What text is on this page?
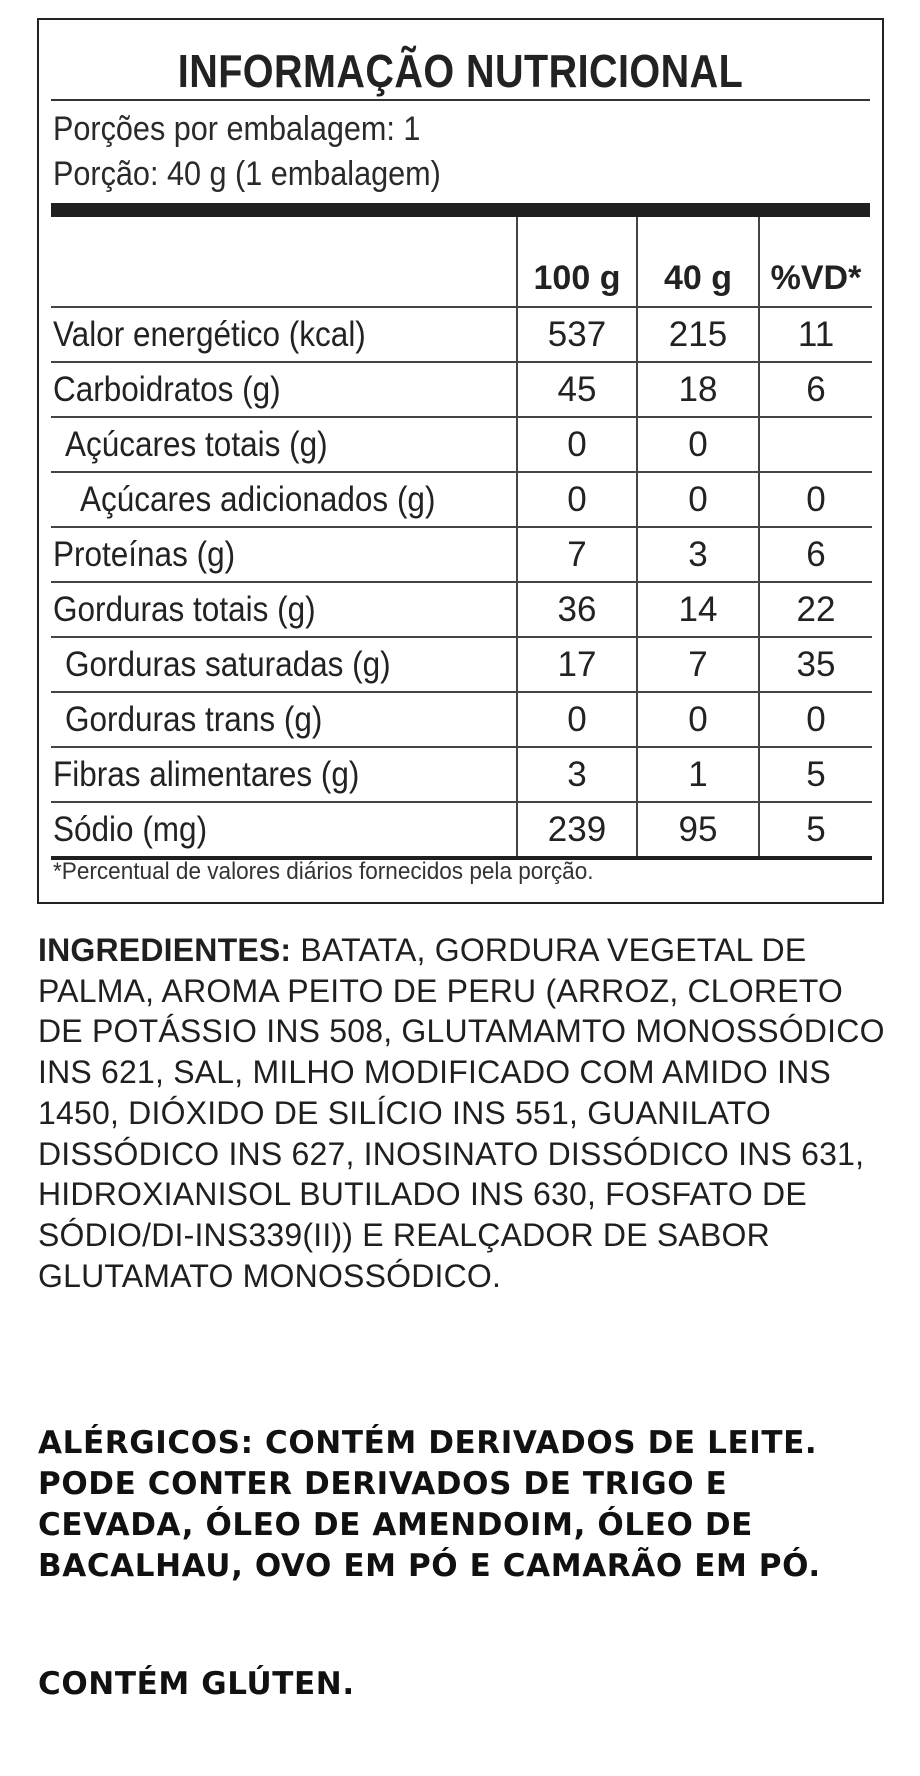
INFORMAÇÃO NUTRICIONAL
Porções por embalagem: 1
Porção: 40 g (1 embalagem)
	100 g	40 g	%VD*
Valor energético (kcal)	537	215	11
Carboidratos (g)	45	18	6
Açúcares totais (g)	0	0	
Açúcares adicionados (g)	0	0	0
Proteínas (g)	7	3	6
Gorduras totais (g)	36	14	22
Gorduras saturadas (g)	17	7	35
Gorduras trans (g)	0	0	0
Fibras alimentares (g)	3	1	5
Sódio (mg)	239	95	5
*Percentual de valores diários fornecidos pela porção.
INGREDIENTES: BATATA, GORDURA VEGETAL DE PALMA, AROMA PEITO DE PERU (ARROZ, CLORETO DE POTÁSSIO INS 508, GLUTAMAMTO MONOSSÓDICO INS 621, SAL, MILHO MODIFICADO COM AMIDO INS 1450, DIÓXIDO DE SILÍCIO INS 551, GUANILATO DISSÓDICO INS 627, INOSINATO DISSÓDICO INS 631, HIDROXIANISOL BUTILADO INS 630, FOSFATO DE SÓDIO/DI-INS339(II)) E REALÇADOR DE SABOR GLUTAMATO MONOSSÓDICO.
ALÉRGICOS: CONTÉM DERIVADOS DE LEITE. PODE CONTER DERIVADOS DE TRIGO E CEVADA, ÓLEO DE AMENDOIM, ÓLEO DE BACALHAU, OVO EM PÓ E CAMARÃO EM PÓ.
CONTÉM GLÚTEN.
